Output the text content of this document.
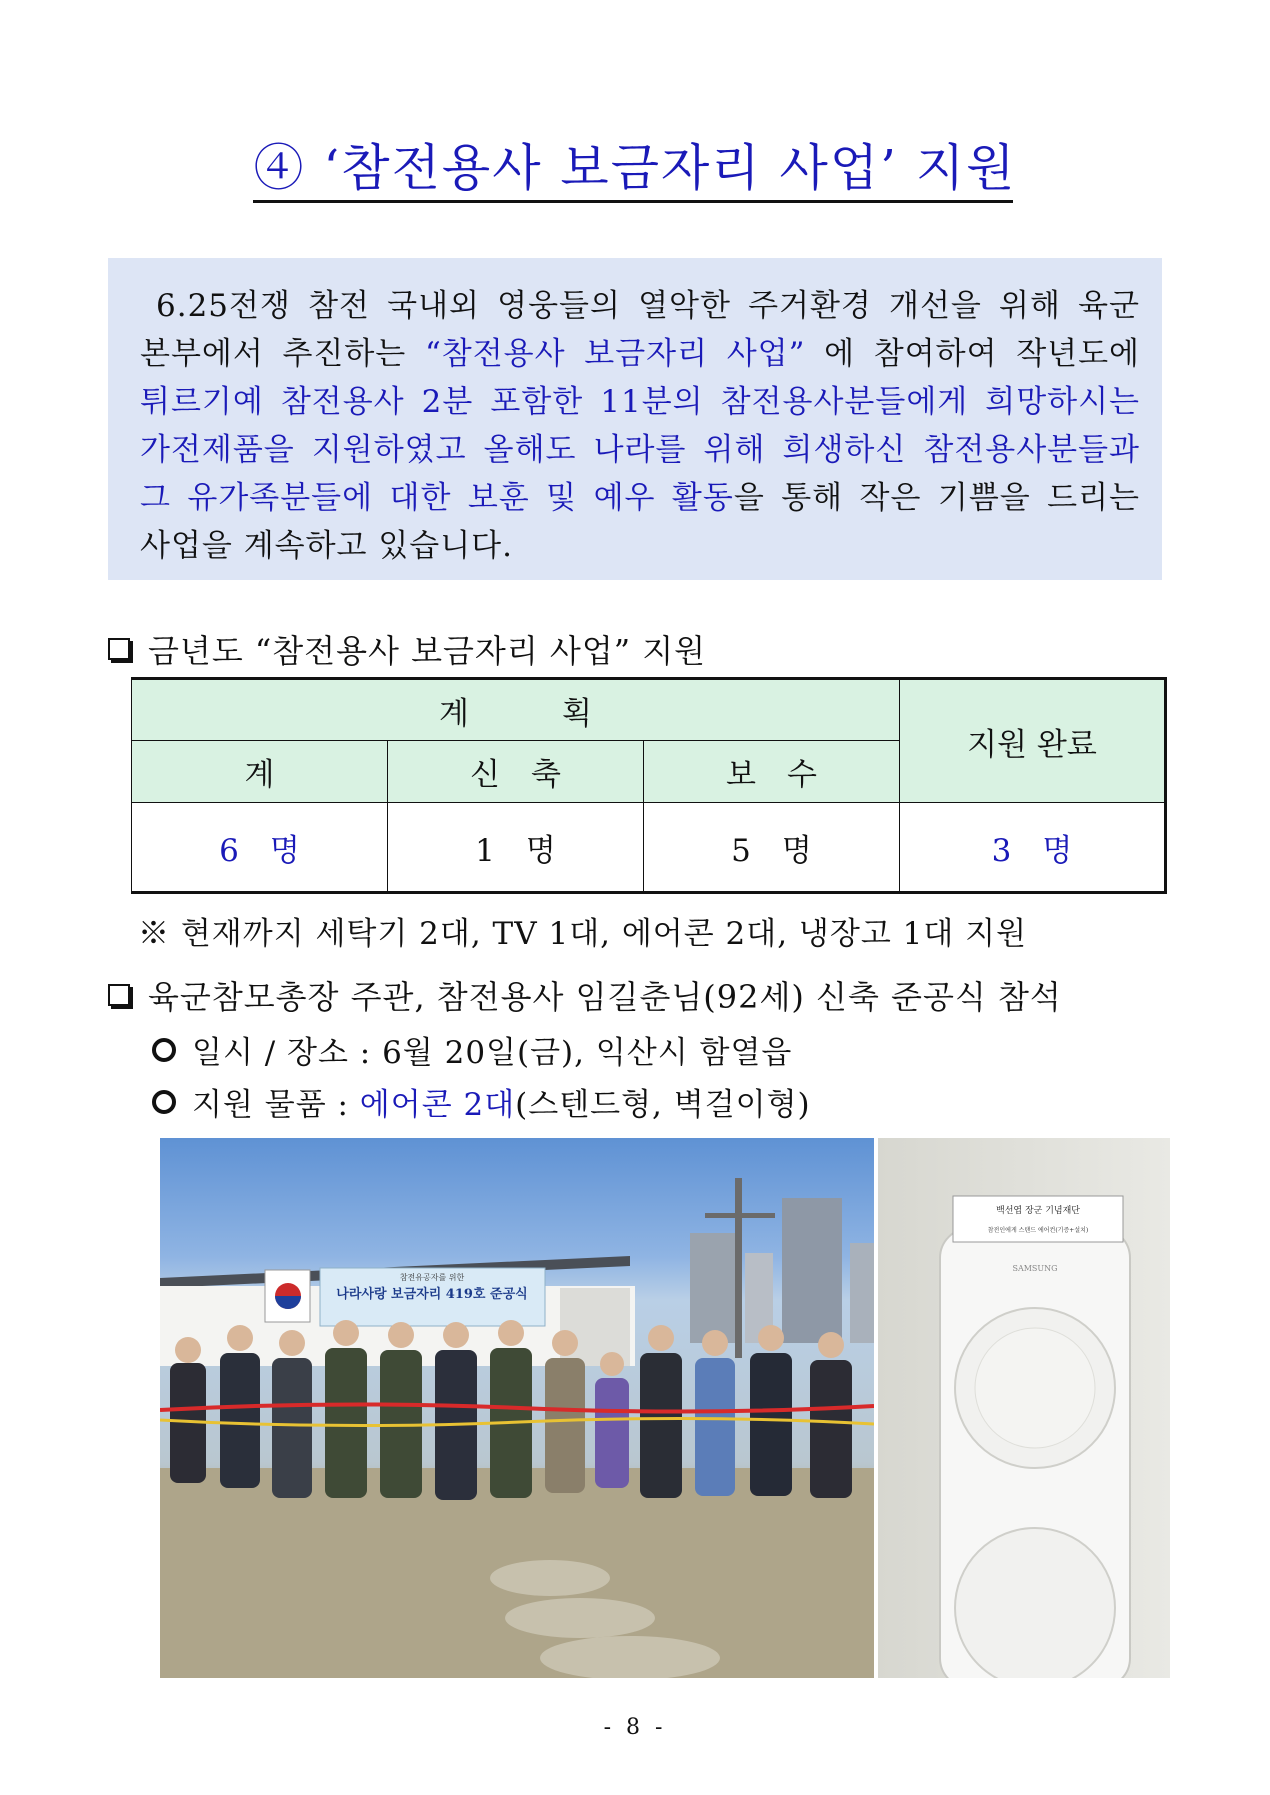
④ ‘참전용사 보금자리 사업’ 지원
6.25전쟁 참전 국내외 영웅들의 열악한 주거환경 개선을 위해 육군
본부에서 추진하는 “참전용사 보금자리 사업” 에 참여하여 작년도에
튀르기예 참전용사 2분 포함한 11분의 참전용사분들에게 희망하시는
가전제품을 지원하였고 올해도 나라를 위해 희생하신 참전용사분들과
그 유가족분들에 대한 보훈 및 예우 활동을 통해 작은 기쁨을 드리는
사업을 계속하고 있습니다.
금년도 “참전용사 보금자리 사업” 지원
계　　　획			지원 완료
계	신　축	보　수	
6　명	1　명	5　명	3　명
※ 현재까지 세탁기 2대, TV 1대, 에어콘 2대, 냉장고 1대 지원
육군참모총장 주관, 참전용사 임길춘님(92세) 신축 준공식 참석
일시 / 장소 : 6월 20일(금), 익산시 함열읍
지원 물품 : 에어콘 2대(스텐드형, 벽걸이형)
참전유공자를 위한
나라사랑 보금자리 419호 준공식
SAMSUNG
백선엽 장군 기념재단
참전인에게 스탠드 에어컨(기증+설치)
- 8 -
